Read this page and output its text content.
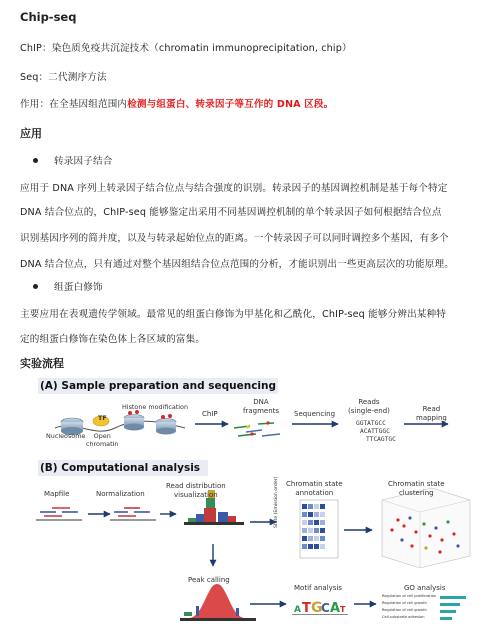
Chip-seq
ChIP：染色质免疫共沉淀技术（chromatin immunoprecipitation, chip）
Seq：二代测序方法
作用：在全基因组范围内检测与组蛋白、转录因子等互作的 DNA 区段。
应用
转录因子结合
应用于 DNA 序列上转录因子结合位点与结合强度的识别。转录因子的基因调控机制是基于每个特定
DNA 结合位点的，ChIP-seq 能够鉴定出采用不同基因调控机制的单个转录因子如何根据结合位点
识别基因序列的简并度，以及与转录起始位点的距离。一个转录因子可以同时调控多个基因，有多个
DNA 结合位点，只有通过对整个基因组结合位点范围的分析，才能识别出一些更高层次的功能原理。
组蛋白修饰
主要应用在表观遗传学领域。最常见的组蛋白修饰为甲基化和乙酰化，ChIP-seq 能够分辨出某种特
定的组蛋白修饰在染色体上各区域的富集。
实验流程
A T G
C A T
(A) Sample preparation and sequencing
(B) Computational analysis
TF
Histone modification
Nucleosome	Open
chromatin
ChIP
DNA
fragments Sequencing
Reads
(single-end)
GGTATGCC
ACATTGGC
TTCAGTGC
Read
mapping
Mapfile	Normalization
Read distribution
visualization
Chromatin state
annotation
Chromatin state
clustering
State (Emission order)
Peak calling
Motif analysis	GO analysis
Regulation of cell proliferation
Regulation of cell growth
Regulation of cell growth
Cell-substrate adhesion
